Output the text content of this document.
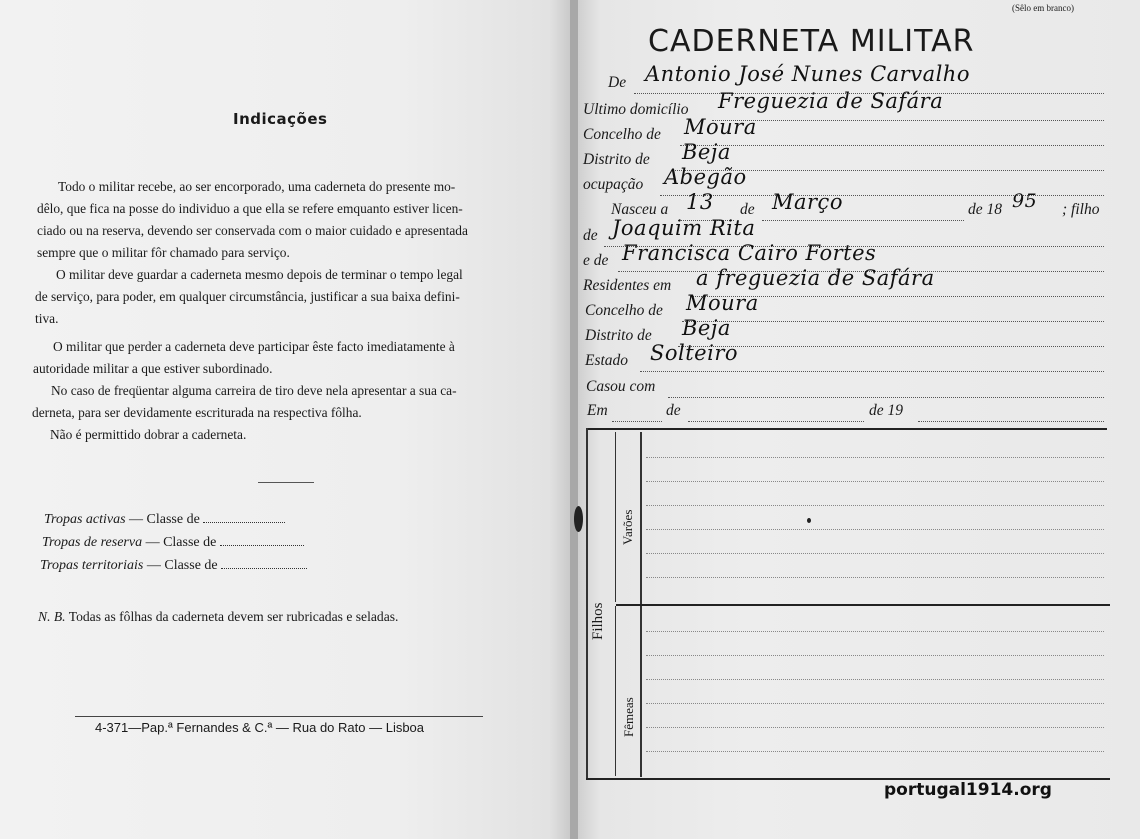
Indicações
Todo o militar recebe, ao ser encorporado, uma caderneta do presente mo-
dêlo, que fica na posse do individuo a que ella se refere emquanto estiver licen-
ciado ou na reserva, devendo ser conservada com o maior cuidado e apresentada
sempre que o militar fôr chamado para serviço.
O militar deve guardar a caderneta mesmo depois de terminar o tempo legal
de serviço, para poder, em qualquer circumstância, justificar a sua baixa defini-
tiva.
O militar que perder a caderneta deve participar êste facto imediatamente à
autoridade militar a que estiver subordinado.
No caso de freqüentar alguma carreira de tiro deve nela apresentar a sua ca-
derneta, para ser devidamente escriturada na respectiva fôlha.
Não é permittido dobrar a caderneta.
Tropas activas — Classe de
Tropas de reserva — Classe de
Tropas territoriais — Classe de
N. B. Todas as fôlhas da caderneta devem ser rubricadas e seladas.
4-371—Pap.ª Fernandes & C.ª — Rua do Rato — Lisboa
(Sêlo em branco)
CADERNETA MILITAR
De Antonio José Nunes Carvalho
Ultimo domicílio Freguezia de Safára
Concelho de Moura
Distrito de Beja
ocupação Abegão
Nasceu a 13 de Março	de 18 95 ; filho
de Joaquim Rita
e de Francisca Cairo Fortes
Residentes em a freguezia de Safára
Concelho de Moura
Distrito de Beja
Estado Solteiro
Casou com
Em	de	de 19
Filhos
Varões
Fêmeas
portugal1914.org
